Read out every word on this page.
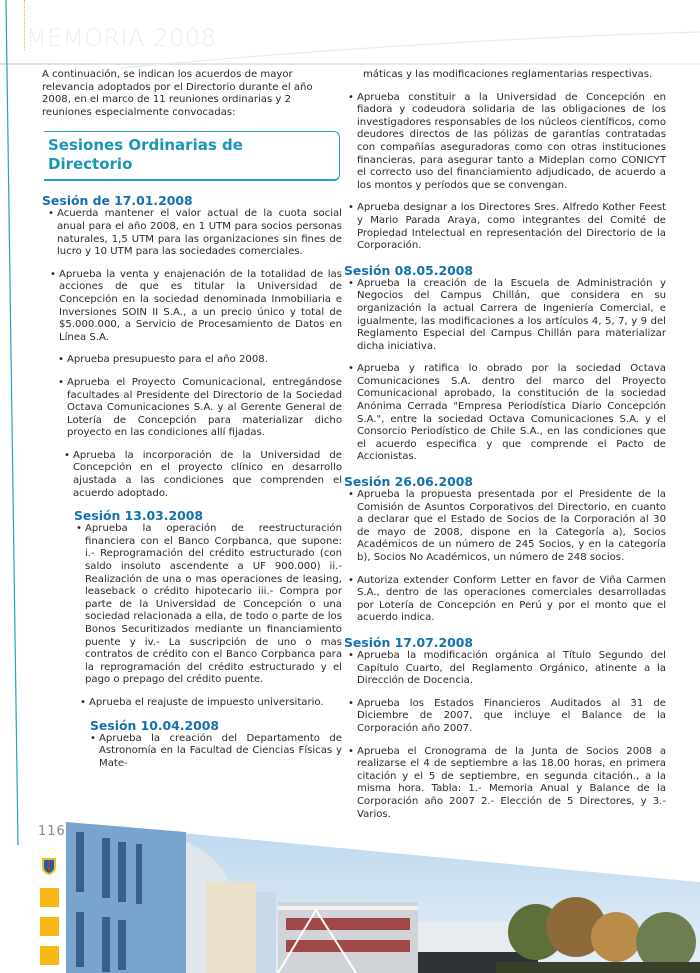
MEMORIA 2008

A continuación, se indican los acuerdos de mayor relevancia adoptados por el Directorio durante el año 2008, en el marco de 11 reuniones ordinarias y 2 reuniones especialmente convocadas:

Sesiones Ordinarias de
Directorio
Sesión de 17.01.2008

• Acuerda mantener el valor actual de la cuota social anual para el año 2008, en 1 UTM para socios personas naturales, 1,5 UTM para las organizaciones sin fines de lucro y 10 UTM para las sociedades comerciales.

• Aprueba la venta y enajenación de la totalidad de las acciones de que es titular la Universidad de Concepción en la sociedad denominada Inmobiliaria e Inversiones SOIN II S.A., a un precio único y total de $5.000.000, a Servicio de Procesamiento de Datos en Línea S.A.

• Aprueba presupuesto para el año 2008.

• Aprueba el Proyecto Comunicacional, entregándose facultades al Presidente del Directorio de la Sociedad Octava Comunicaciones S.A. y al Gerente General de Lotería de Concepción para materializar dicho proyecto en las condiciones allí fijadas.

• Aprueba la incorporación de la Universidad de Concepción en el proyecto clínico en desarrollo ajustada a las condiciones que comprenden el acuerdo adoptado.

Sesión 13.03.2008

• Aprueba la operación de reestructuración financiera con el Banco Corpbanca, que supone: i.- Reprogramación del crédito estructurado (con saldo insoluto ascendente a UF 900.000) ii.- Realización de una o mas operaciones de leasing, leaseback o crédito hipotecario iii.- Compra por parte de la Universidad de Concepción o una sociedad relacionada a ella, de todo o parte de los Bonos Securitizados mediante un financiamiento puente y iv.- La suscripción de uno o mas contratos de crédito con el Banco Corpbanca para la reprogramación del crédito estructurado y el pago o prepago del crédito puente.

• Aprueba el reajuste de impuesto universitario.

Sesión 10.04.2008

• Aprueba la creación del Departamento de Astronomía en la Facultad de Ciencias Físicas y Mate-

máticas y las modificaciones reglamentarias respectivas.

• Aprueba constituir a la Universidad de Concepción en fiadora y codeudora solidaria de las obligaciones de los investigadores responsables de los núcleos científicos, como deudores directos de las pólizas de garantías contratadas con compañías aseguradoras como con otras instituciones financieras, para asegurar tanto a Mideplan como CONICYT el correcto uso del financiamiento adjudicado, de acuerdo a los montos y períodos que se convengan.

• Aprueba designar a los Directores Sres. Alfredo Kother Feest y Mario Parada Araya, como integrantes del Comité de Propiedad Intelectual en representación del Directorio de la Corporación.

Sesión 08.05.2008

• Aprueba la creación de la Escuela de Administración y Negocios del Campus Chillán, que considera en su organización la actual Carrera de Ingeniería Comercial, e igualmente, las modificaciones a los artículos 4, 5, 7, y 9 del Reglamento Especial del Campus Chillán para materializar dicha iniciativa.

• Aprueba y ratifica lo obrado por la sociedad Octava Comunicaciones S.A. dentro del marco del Proyecto Comunicacional aprobado, la constitución de la sociedad Anónima Cerrada "Empresa Periodística Diario Concepción S.A.", entre la sociedad Octava Comunicaciones S.A. y el Consorcio Periodístico de Chile S.A., en las condiciones que el acuerdo especifica y que comprende el Pacto de Accionistas.

Sesión 26.06.2008

• Aprueba la propuesta presentada por el Presidente de la Comisión de Asuntos Corporativos del Directorio, en cuanto a declarar que el Estado de Socios de la Corporación al 30 de mayo de 2008, dispone en la Categoría a), Socios Académicos de un número de 245 Socios, y en la categoría b), Socios No Académicos, un número de 248 socios.

• Autoriza extender Conform Letter en favor de Viña Carmen S.A., dentro de las operaciones comerciales desarrolladas por Lotería de Concepción en Perú y por el monto que el acuerdo indica.

Sesión 17.07.2008

• Aprueba la modificación orgánica al Título Segundo del Capítulo Cuarto, del Reglamento Orgánico, atinente a la Dirección de Docencia.

• Aprueba los Estados Financieros Auditados al 31 de Diciembre de 2007, que incluye el Balance de la Corporación año 2007.

• Aprueba el Cronograma de la Junta de Socios 2008 a realizarse el 4 de septiembre a las 18.00 horas, en primera citación y el 5 de septiembre, en segunda citación., a la misma hora. Tabla: 1.- Memoria Anual y Balance de la Corporación año 2007 2.- Elección de 5 Directores, y 3.-Varios.

116
